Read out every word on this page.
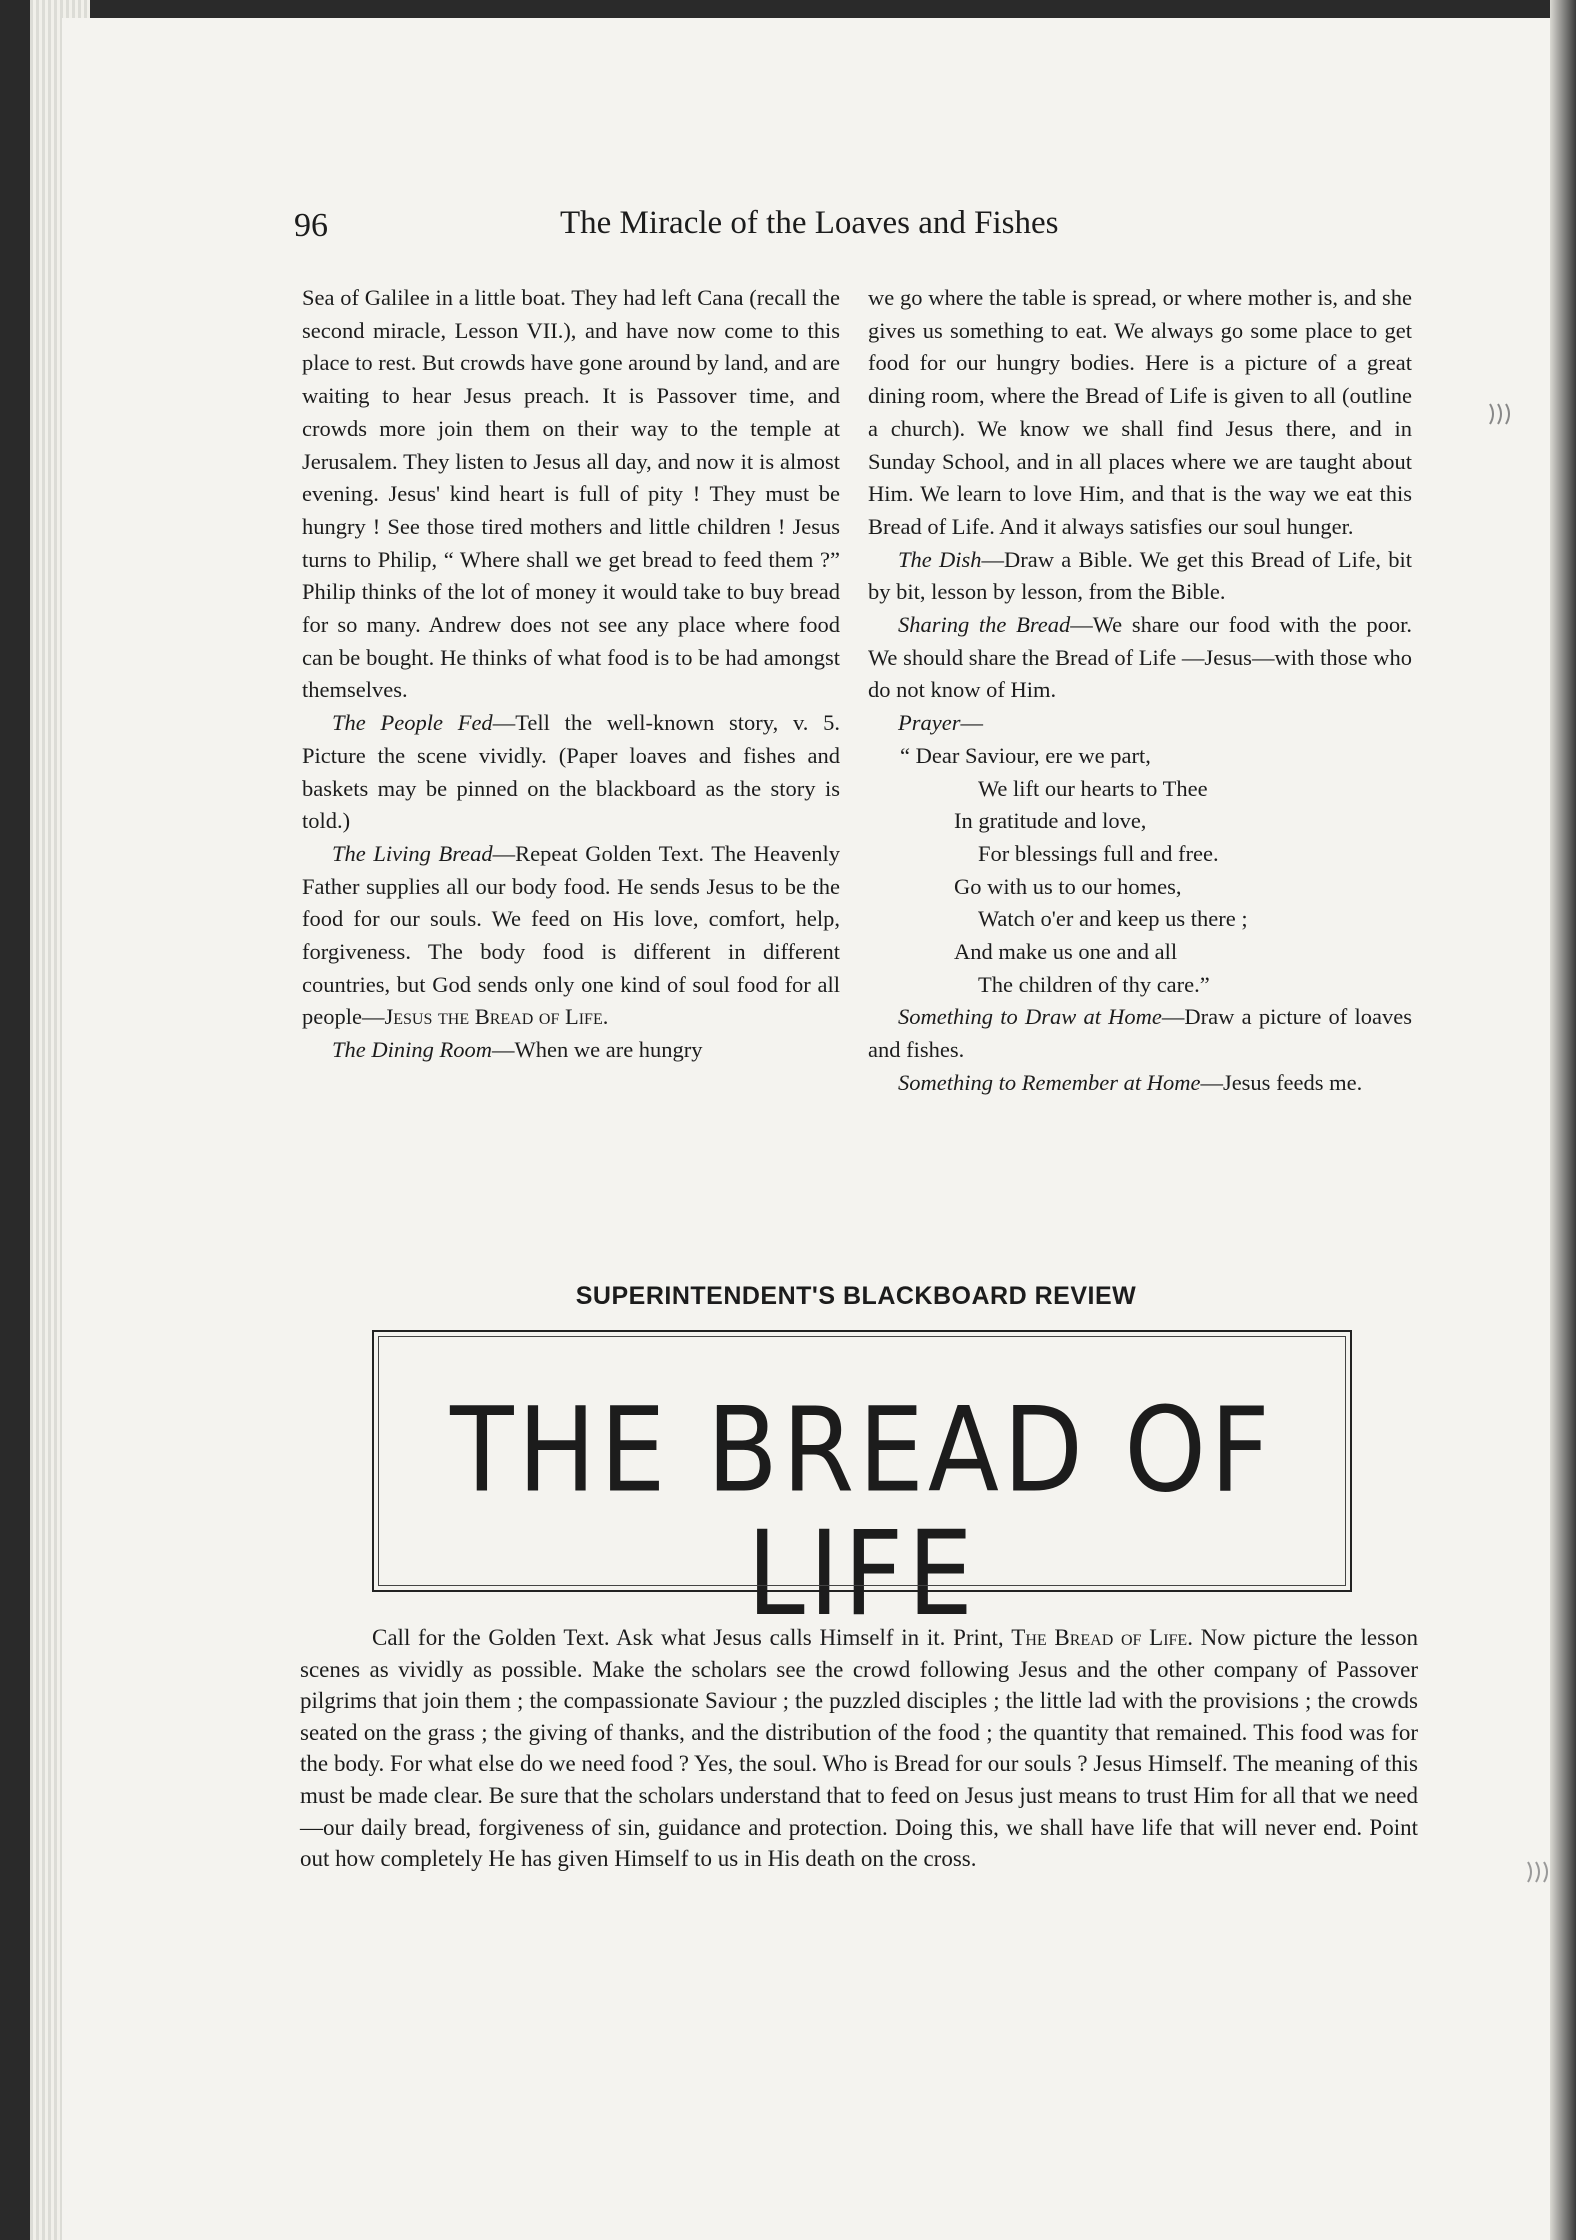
96	The Miracle of the Loaves and Fishes

Sea of Galilee in a little boat. They had left Cana (recall the second miracle, Lesson VII.), and have now come to this place to rest. But crowds have gone around by land, and are waiting to hear Jesus preach. It is Passover time, and crowds more join them on their way to the temple at Jerusalem. They listen to Jesus all day, and now it is almost evening. Jesus' kind heart is full of pity ! They must be hungry ! See those tired mothers and little children ! Jesus turns to Philip, “ Where shall we get bread to feed them ?” Philip thinks of the lot of money it would take to buy bread for so many. Andrew does not see any place where food can be bought. He thinks of what food is to be had amongst themselves.

The People Fed—Tell the well-known story, v. 5. Picture the scene vividly. (Paper loaves and fishes and baskets may be pinned on the blackboard as the story is told.)

The Living Bread—Repeat Golden Text. The Heavenly Father supplies all our body food. He sends Jesus to be the food for our souls. We feed on His love, comfort, help, forgiveness. The body food is different in different countries, but God sends only one kind of soul food for all people—Jesus the Bread of Life.

The Dining Room—When we are hungry

we go where the table is spread, or where mother is, and she gives us something to eat. We always go some place to get food for our hungry bodies. Here is a picture of a great dining room, where the Bread of Life is given to all (outline a church). We know we shall find Jesus there, and in Sunday School, and in all places where we are taught about Him. We learn to love Him, and that is the way we eat this Bread of Life. And it always satisfies our soul hunger.

The Dish—Draw a Bible. We get this Bread of Life, bit by bit, lesson by lesson, from the Bible.

Sharing the Bread—We share our food with the poor. We should share the Bread of Life —Jesus—with those who do not know of Him.

Prayer—

“ Dear Saviour, ere we part,
We lift our hearts to Thee
In gratitude and love,
For blessings full and free.
Go with us to our homes,
Watch o'er and keep us there ;
And make us one and all
The children of thy care.”

Something to Draw at Home—Draw a picture of loaves and fishes.

Something to Remember at Home—Jesus feeds me.

SUPERINTENDENT'S BLACKBOARD REVIEW
THE BREAD OF LIFE

Call for the Golden Text. Ask what Jesus calls Himself in it. Print, The Bread of Life. Now picture the lesson scenes as vividly as possible. Make the scholars see the crowd following Jesus and the other company of Passover pilgrims that join them ; the compassionate Saviour ; the puzzled disciples ; the little lad with the provisions ; the crowds seated on the grass ; the giving of thanks, and the distribution of the food ; the quantity that remained. This food was for the body. For what else do we need food ? Yes, the soul. Who is Bread for our souls ? Jesus Himself. The meaning of this must be made clear. Be sure that the scholars understand that to feed on Jesus just means to trust Him for all that we need—our daily bread, forgiveness of sin, guidance and protection. Doing this, we shall have life that will never end. Point out how completely He has given Himself to us in His death on the cross.
